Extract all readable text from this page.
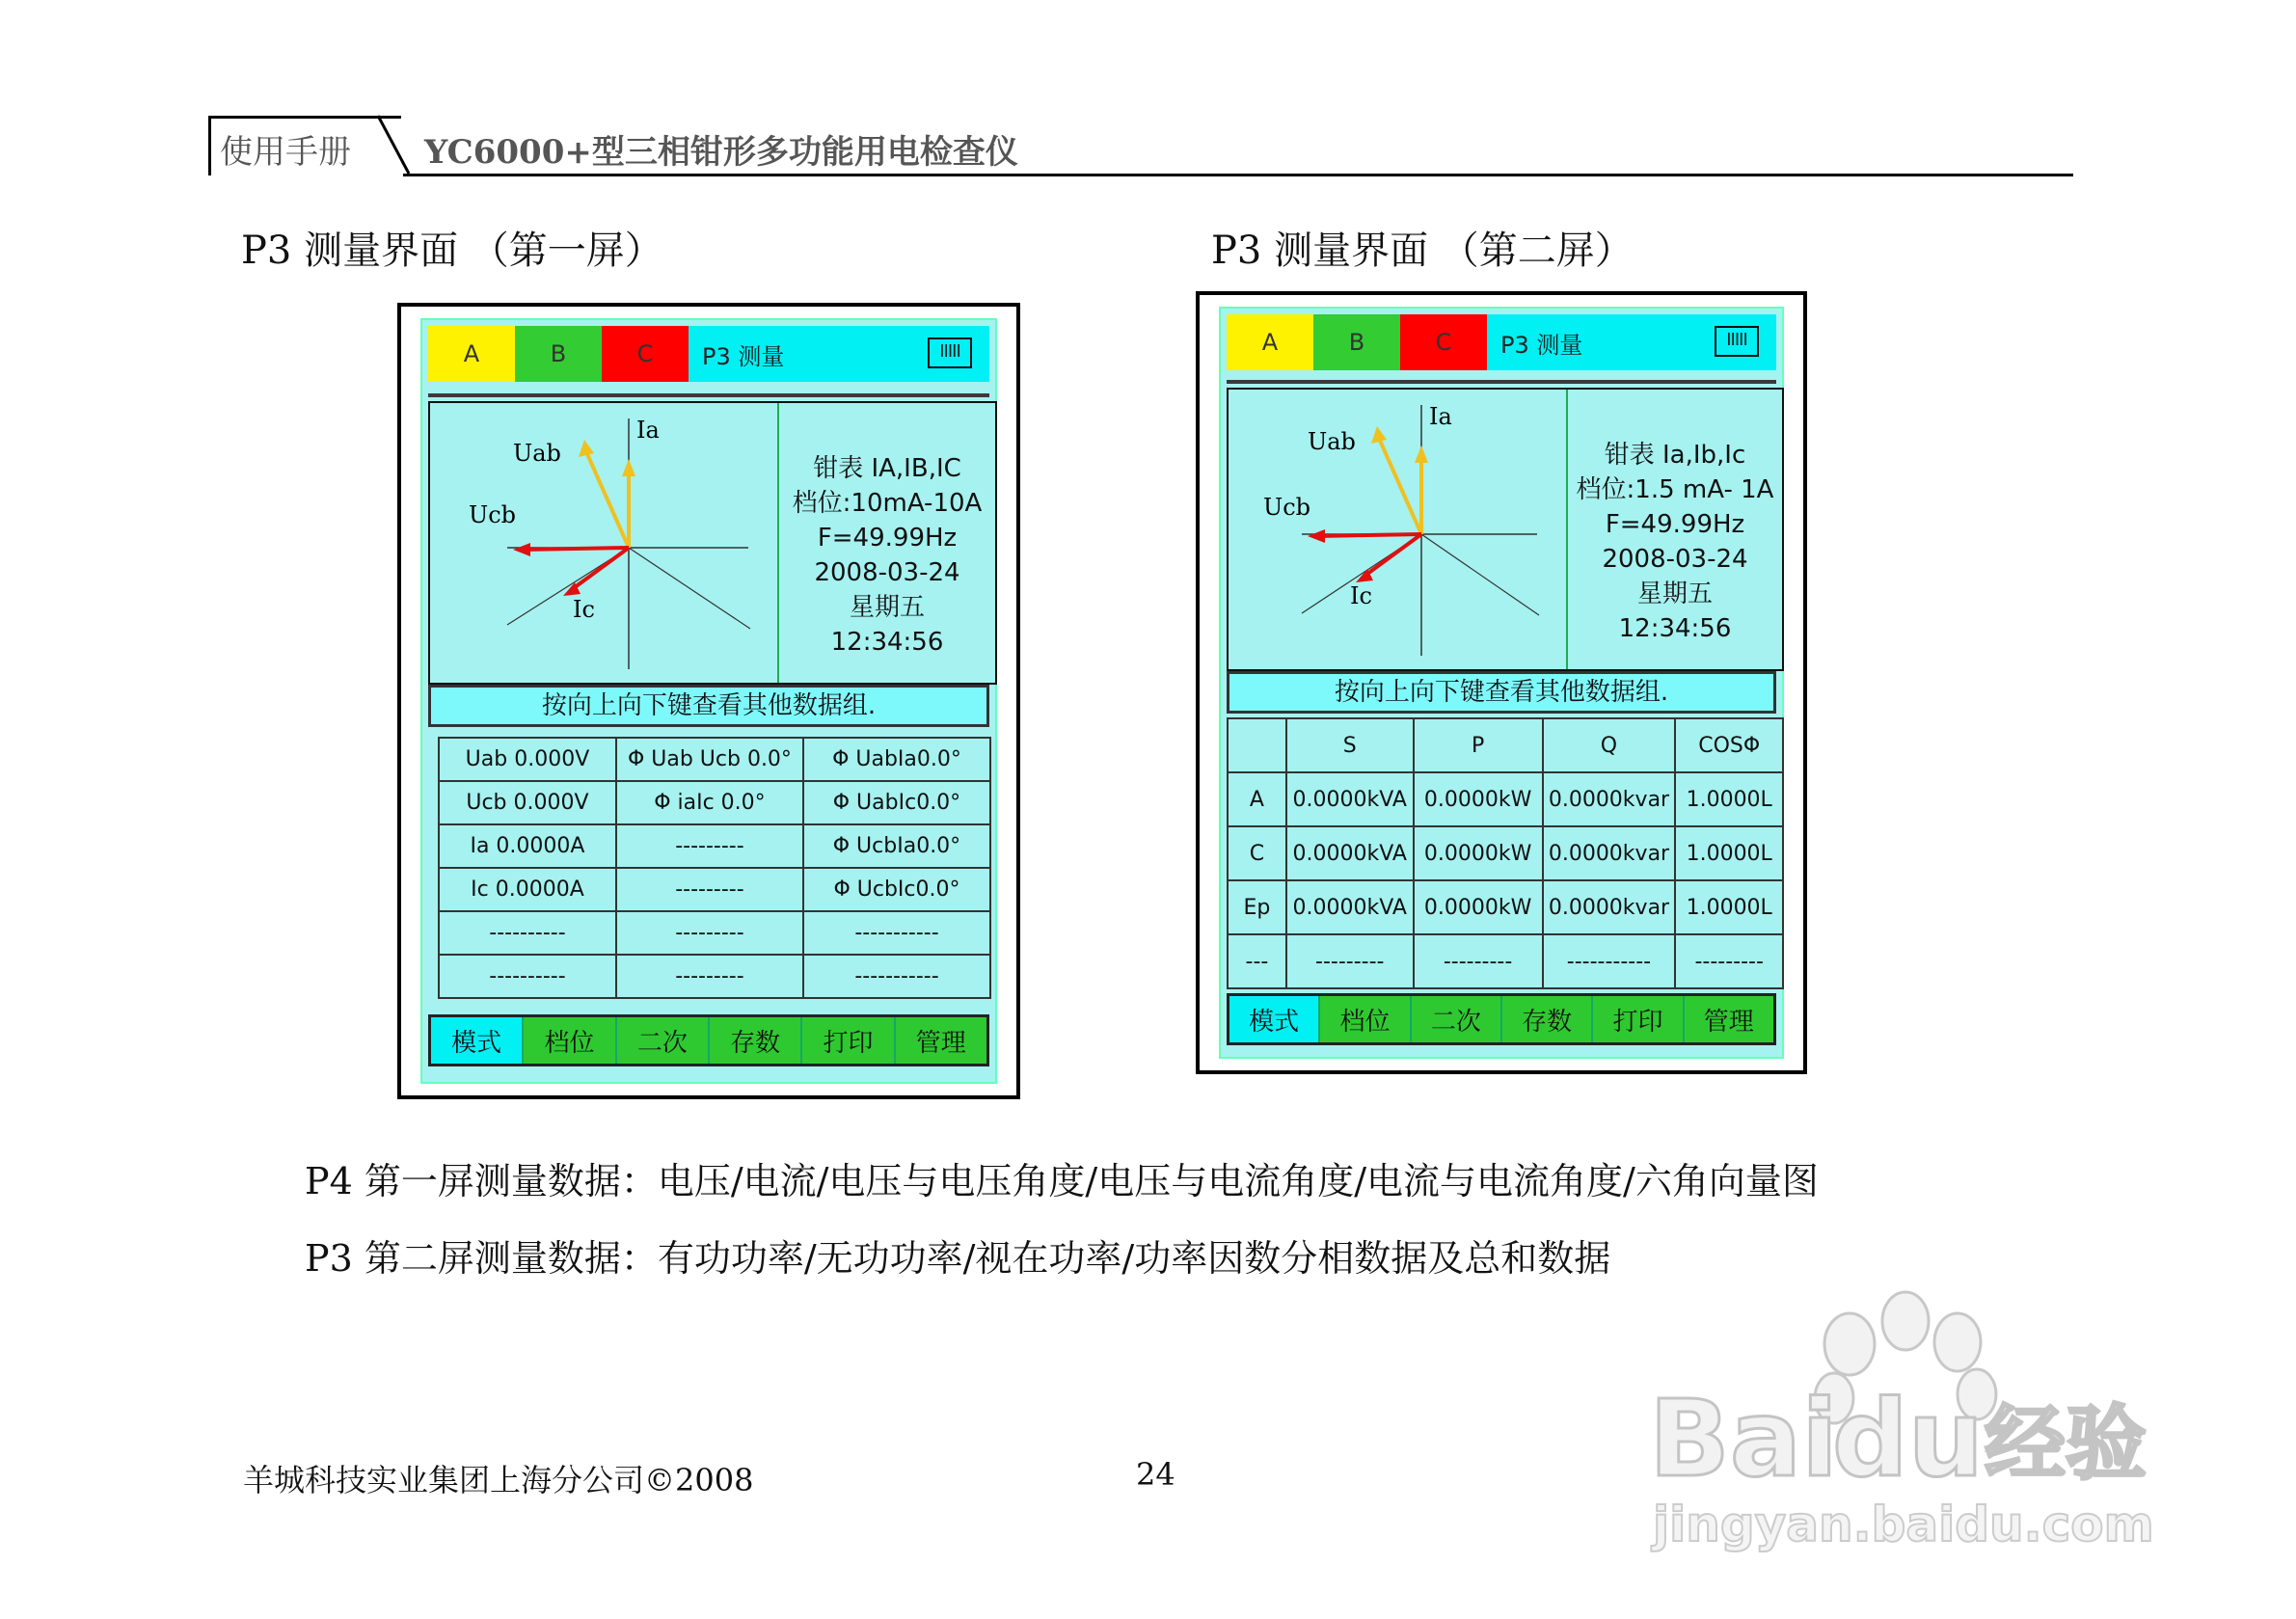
使用手册 YC6000+型三相钳形多功能用电检查仪
P3 测量界面 （第一屏）	P3 测量界面 （第二屏）
A	B	C	P3 测量	IIIII
Uab
Ia
Ucb
Ic
钳表 IA,IB,IC
档位:10mA-10A
F=49.99Hz
2008-03-24
星期五
12:34:56
按向上向下键查看其他数据组.
Uab 0.000V	Φ Uab Ucb 0.0°	Φ UabIa0.0°
Ucb 0.000V	Φ iaIc 0.0°	Φ UabIc0.0°
Ia 0.0000A	---------	Φ UcbIa0.0°
Ic 0.0000A	---------	Φ UcbIc0.0°
----------	---------	-----------
----------	---------	-----------
模式	档位	二次	存数	打印	管理
A	B	C	P3 测量	IIIII
Uab
Ia
Ucb
Ic
钳表 Ia,Ib,Ic
档位:1.5 mA- 1A
F=49.99Hz
2008-03-24
星期五
12:34:56
按向上向下键查看其他数据组.
	S	P	Q	COSΦ
A	0.0000kVA	0.0000kW	0.0000kvar	1.0000L
C	0.0000kVA	0.0000kW	0.0000kvar	1.0000L
Ep	0.0000kVA	0.0000kW	0.0000kvar	1.0000L
---	---------	---------	-----------	---------
模式	档位	二次	存数	打印	管理
P4 第一屏测量数据：电压/电流/电压与电压角度/电压与电流角度/电流与电流角度/六角向量图
P3 第二屏测量数据：有功功率/无功功率/视在功率/功率因数分相数据及总和数据
Bai
du 经验
jingyan.baidu.com
羊城科技实业集团上海分公司©2008	24
